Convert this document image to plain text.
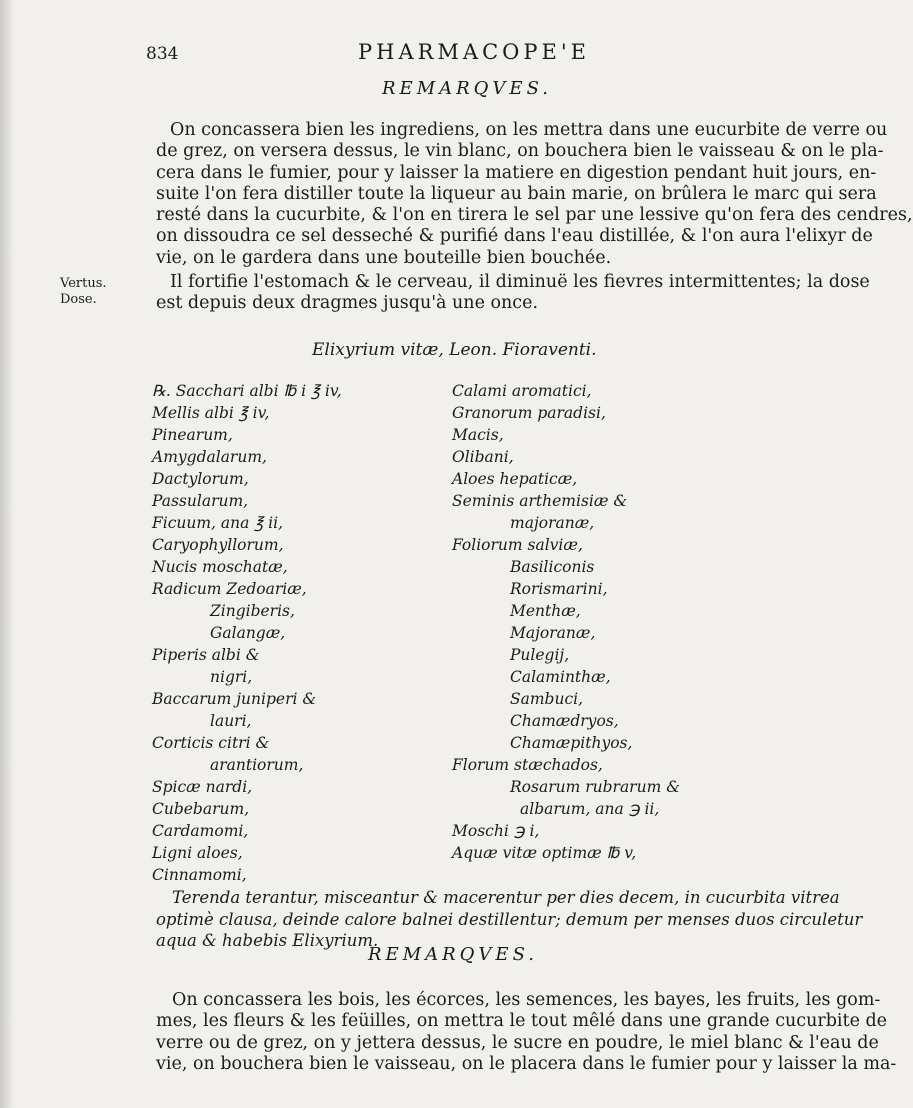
834	PHARMACOPE'E
REMARQVES.
On concassera bien les ingrediens, on les mettra dans une eucurbite de verre ou
de grez, on versera dessus, le vin blanc, on bouchera bien le vaisseau & on le pla-
cera dans le fumier, pour y laisser la matiere en digestion pendant huit jours, en-
suite l'on fera distiller toute la liqueur au bain marie, on brûlera le marc qui sera
resté dans la cucurbite, & l'on en tirera le sel par une lessive qu'on fera des cendres,
on dissoudra ce sel desseché & purifié dans l'eau distillée, & l'on aura l'elixyr de
vie, on le gardera dans une bouteille bien bouchée.
Il fortifie l'estomach & le cerveau, il diminuë les fievres intermittentes; la dose
est depuis deux dragmes jusqu'à une once.
Vertus.
Dose.
Elixyrium vitæ, Leon. Fioraventi.
℞. Sacchari albi ℔ i ℥ iv,
Mellis albi ℥ iv,
Pinearum,
Amygdalarum,
Dactylorum,
Passularum,
Ficuum, ana ℥ ii,
Caryophyllorum,
Nucis moschatæ,
Radicum Zedoariæ,
Zingiberis,
Galangæ,
Piperis albi &
nigri,
Baccarum juniperi &
lauri,
Corticis citri &
arantiorum,
Spicæ nardi,
Cubebarum,
Cardamomi,
Ligni aloes,
Cinnamomi,
Calami aromatici,
Granorum paradisi,
Macis,
Olibani,
Aloes hepaticæ,
Seminis arthemisiæ &
majoranæ,
Foliorum salviæ,
Basiliconis
Rorismarini,
Menthæ,
Majoranæ,
Pulegij,
Calaminthæ,
Sambuci,
Chamædryos,
Chamæpithyos,
Florum stæchados,
Rosarum rubrarum &
albarum, ana ℈ ii,
Moschi ℈ i,
Aquæ vitæ optimæ ℔ v,
Terenda terantur, misceantur & macerentur per dies decem, in cucurbita vitrea
optimè clausa, deinde calore balnei destillentur; demum per menses duos circuletur
aqua & habebis Elixyrium.
REMARQVES.
On concassera les bois, les écorces, les semences, les bayes, les fruits, les gom-
mes, les fleurs & les feüilles, on mettra le tout mêlé dans une grande cucurbite de
verre ou de grez, on y jettera dessus, le sucre en poudre, le miel blanc & l'eau de
vie, on bouchera bien le vaisseau, on le placera dans le fumier pour y laisser la ma-
